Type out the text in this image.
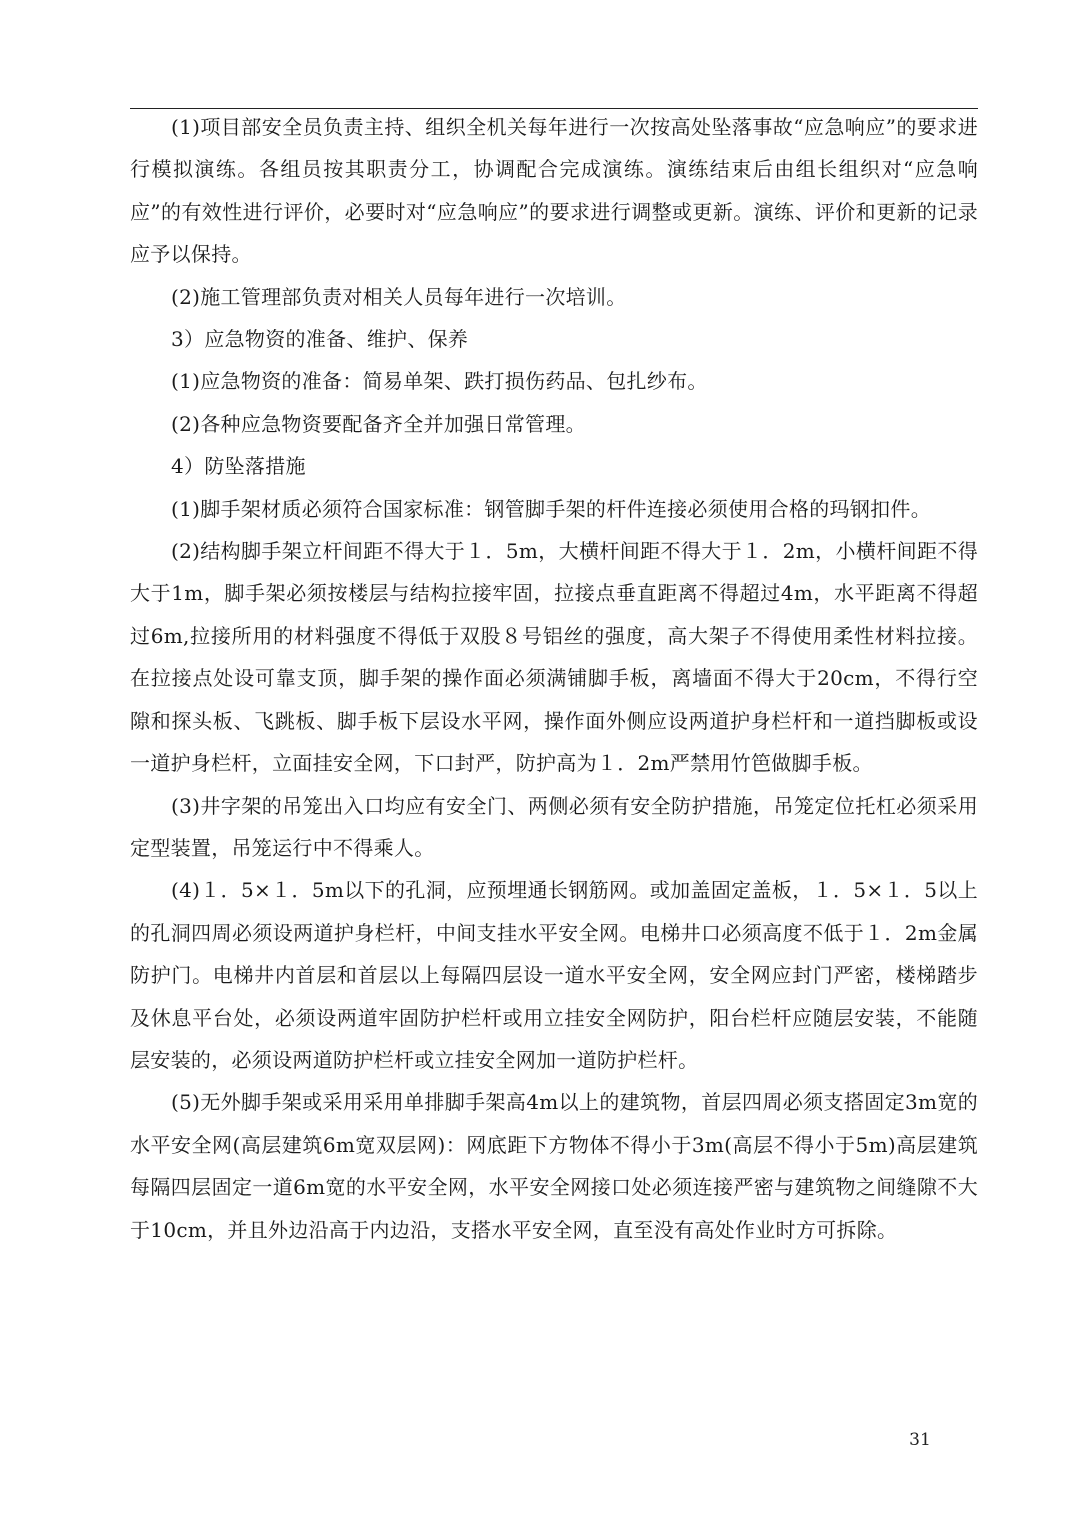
(1)项目部安全员负责主持、组织全机关每年进行一次按高处坠落事故“应急响应”的要求进行模拟演练。各组员按其职责分工，协调配合完成演练。演练结束后由组长组织对“应急响应”的有效性进行评价，必要时对“应急响应”的要求进行调整或更新。演练、评价和更新的记录应予以保持。

(2)施工管理部负责对相关人员每年进行一次培训。

3）应急物资的准备、维护、保养

(1)应急物资的准备：简易单架、跌打损伤药品、包扎纱布。

(2)各种应急物资要配备齐全并加强日常管理。

4）防坠落措施

(1)脚手架材质必须符合国家标准：钢管脚手架的杆件连接必须使用合格的玛钢扣件。

(2)结构脚手架立杆间距不得大于１．5m，大横杆间距不得大于１．2m，小横杆间距不得大于1m，脚手架必须按楼层与结构拉接牢固，拉接点垂直距离不得超过4m，水平距离不得超过6m,拉接所用的材料强度不得低于双股８号铝丝的强度，高大架子不得使用柔性材料拉接。在拉接点处设可靠支顶，脚手架的操作面必须满铺脚手板，离墙面不得大于20cm，不得行空隙和探头板、飞跳板、脚手板下层设水平网，操作面外侧应设两道护身栏杆和一道挡脚板或设一道护身栏杆，立面挂安全网，下口封严，防护高为１．2m严禁用竹笆做脚手板。

(3)井字架的吊笼出入口均应有安全门、两侧必须有安全防护措施，吊笼定位托杠必须采用定型装置，吊笼运行中不得乘人。

(4)１．5×１．5m以下的孔洞，应预埋通长钢筋网。或加盖固定盖板，１．5×１．5以上的孔洞四周必须设两道护身栏杆，中间支挂水平安全网。电梯井口必须高度不低于１．2m金属防护门。电梯井内首层和首层以上每隔四层设一道水平安全网，安全网应封门严密，楼梯踏步及休息平台处，必须设两道牢固防护栏杆或用立挂安全网防护，阳台栏杆应随层安装，不能随层安装的，必须设两道防护栏杆或立挂安全网加一道防护栏杆。

(5)无外脚手架或采用采用单排脚手架高4m以上的建筑物，首层四周必须支搭固定3m宽的水平安全网(高层建筑6m宽双层网)：网底距下方物体不得小于3m(高层不得小于5m)高层建筑每隔四层固定一道6m宽的水平安全网，水平安全网接口处必须连接严密与建筑物之间缝隙不大于10cm，并且外边沿高于内边沿，支搭水平安全网，直至没有高处作业时方可拆除。

31
